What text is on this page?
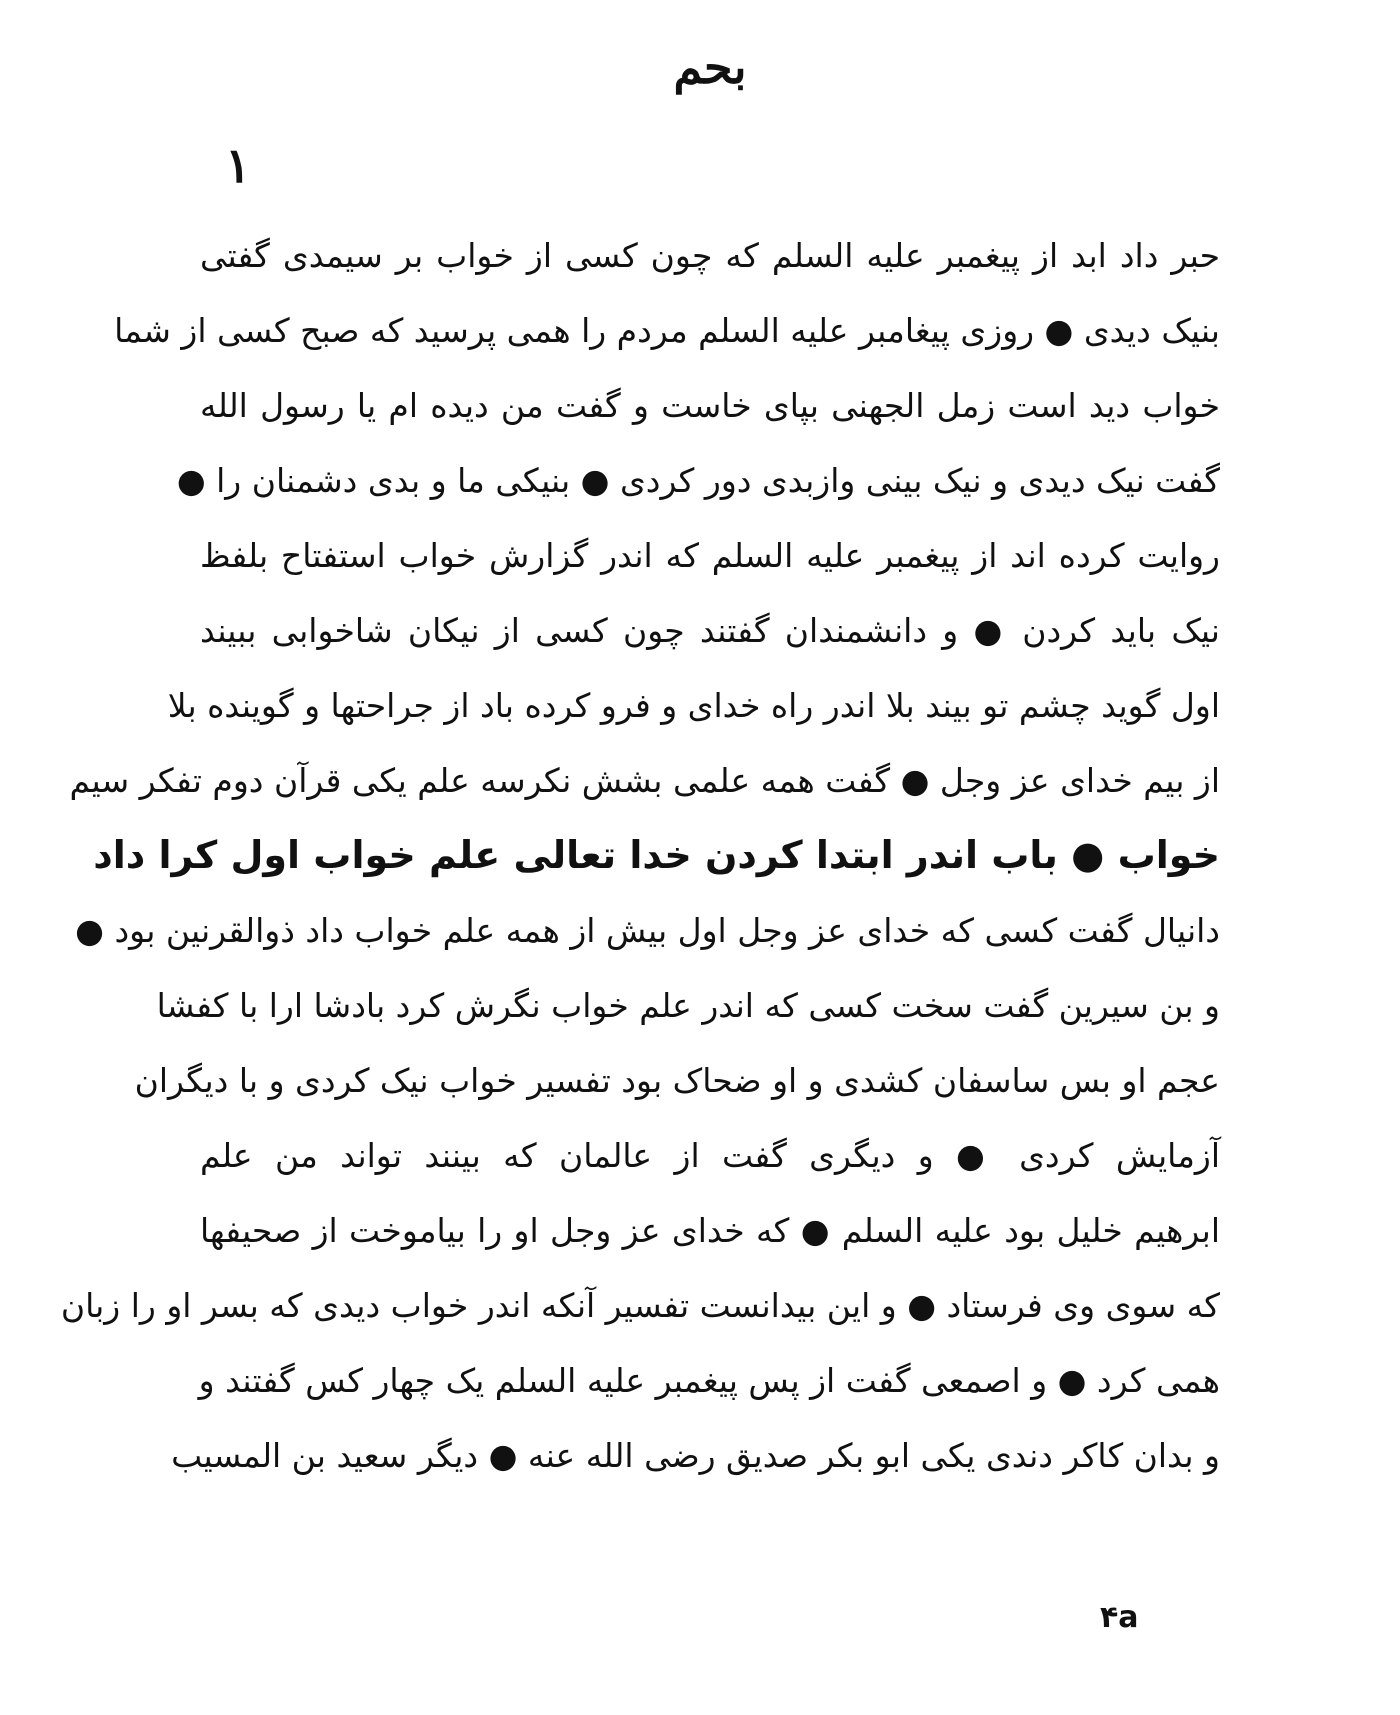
بحم
١
حبر داد ابد از پیغمبر علیه السلم که چون کسی از خواب بر سیمدی گفتی
بنیک دیدی ● روزی پیغامبر علیه السلم مردم را همی پرسید که صبح کسی از شما
خواب دید است زمل الجهنی بپای خاست و گفت من دیده ام یا رسول الله
گفت نیک دیدی و نیک بینی وازبدی دور کردی ● بنیکی ما و بدی دشمنان را ●
روایت کرده اند از پیغمبر علیه السلم که اندر گزارش خواب استفتاح بلفظ
نیک باید کردن ● و دانشمندان گفتند چون کسی از نیکان شاخوابی ببیند
اول گوید چشم تو بیند بلا اندر راه خدای و فرو کرده باد از جراحتها و گوینده بلا
از بیم خدای عز وجل ● گفت همه علمی بشش نکرسه علم یکی قرآن دوم تفکر سیم
خواب ● باب اندر ابتدا کردن خدا تعالی علم خواب اول کرا داد
دانیال گفت کسی که خدای عز وجل اول بیش از همه علم خواب داد ذوالقرنین بود ●
و بن سیرین گفت سخت کسی که اندر علم خواب نگرش کرد بادشا ارا با کفشا
عجم او بس ساسفان کشدی و او ضحاک بود تفسیر خواب نیک کردی و با دیگران
آزمایش کردی ● و دیگری گفت از عالمان که بینند تواند من علم
ابرهیم خلیل بود علیه السلم ● که خدای عز وجل او را بیاموخت از صحیفها
که سوی وی فرستاد ● و این بیدانست تفسیر آنکه اندر خواب دیدی که بسر او را زبان
همی کرد ● و اصمعی گفت از پس پیغمبر علیه السلم یک چهار کس گفتند و
و بدان کاکر دندی یکی ابو بکر صدیق رضی الله عنه ● دیگر سعید بن المسیب
۴a
